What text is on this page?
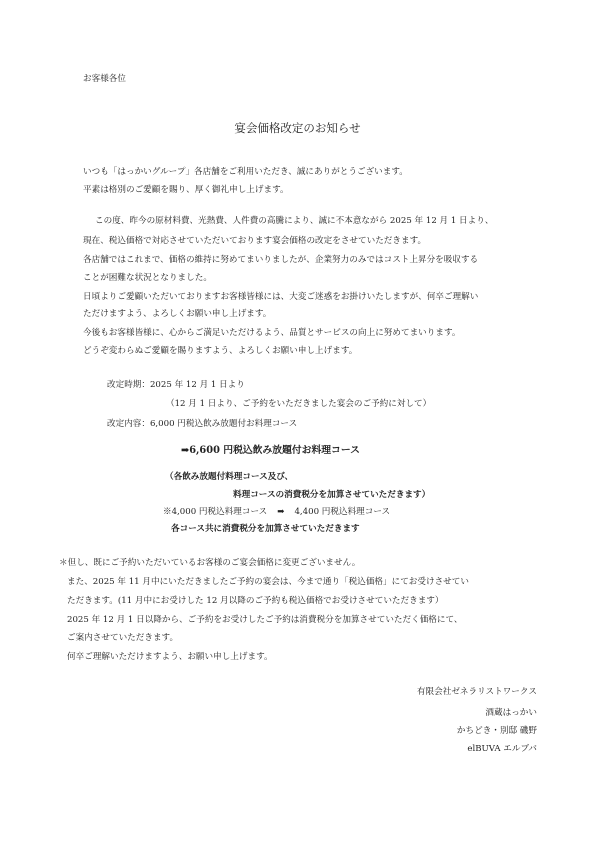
お客様各位
宴会価格改定のお知らせ
いつも「はっかいグループ」各店舗をご利用いただき、誠にありがとうございます。
平素は格別のご愛顧を賜り、厚く御礼申し上げます。
この度、昨今の原材料費、光熱費、人件費の高騰により、誠に不本意ながら 2025 年 12 月 1 日より、
現在、税込価格で対応させていただいております宴会価格の改定をさせていただきます。
各店舗ではこれまで、価格の維持に努めてまいりましたが、企業努力のみではコスト上昇分を吸収する
ことが困難な状況となりました。
日頃よりご愛顧いただいておりますお客様皆様には、大変ご迷惑をお掛けいたしますが、何卒ご理解い
ただけますよう、よろしくお願い申し上げます。
今後もお客様皆様に、心からご満足いただけるよう、品質とサービスの向上に努めてまいります。
どうぞ変わらぬご愛顧を賜りますよう、よろしくお願い申し上げます。
改定時期：2025 年 12 月 1 日より
（12 月 1 日より、ご予約をいただきました宴会のご予約に対して）
改定内容：6,000 円税込飲み放題付お料理コース
➡6,600 円税込飲み放題付お料理コース
（各飲み放題付料理コース及び、
料理コースの消費税分を加算させていただきます）
※4,000 円税込料理コース ➡ 4,400 円税込料理コース
各コース共に消費税分を加算させていただきます
＊但し、既にご予約いただいているお客様のご宴会価格に変更ございません。
また、2025 年 11 月中にいただきましたご予約の宴会は、今まで通り「税込価格」にてお受けさせてい
ただきます。(11 月中にお受けした 12 月以降のご予約も税込価格でお受けさせていただきます）
2025 年 12 月 1 日以降から、ご予約をお受けしたご予約は消費税分を加算させていただく価格にて、
ご案内させていただきます。
何卒ご理解いただけますよう、お願い申し上げます。
有限会社ゼネラリストワークス
酒蔵はっかい
かちどき・別邸 磯野
elBUVA エルブバ
